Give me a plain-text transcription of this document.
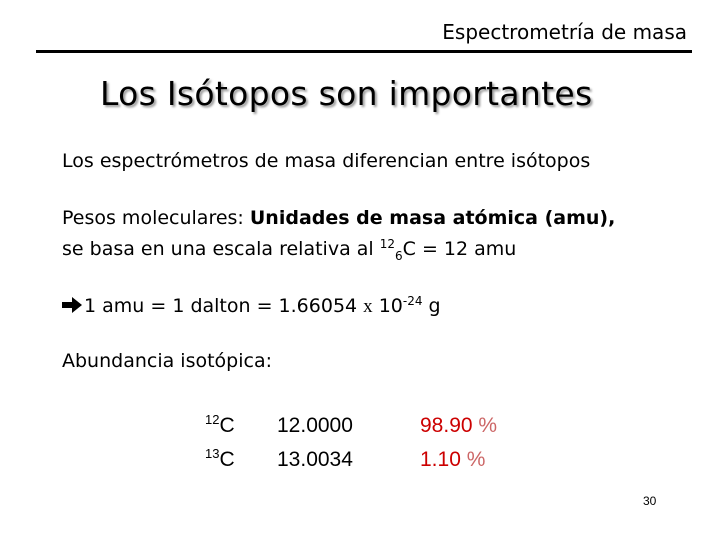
Espectrometría de masa
Los Isótopos son importantes
Los espectrómetros de masa diferencian entre isótopos
Pesos moleculares: Unidades de masa atómica (amu),
se basa en una escala relativa al $^{12}_6$C = 12 amu
1 amu = 1 dalton = 1.66054 x $10^{-24}$ g
Abundancia isotópica:
$^{12}$C	12.0000	98.90 %
$^{13}$C	13.0034	1.10 %
30
